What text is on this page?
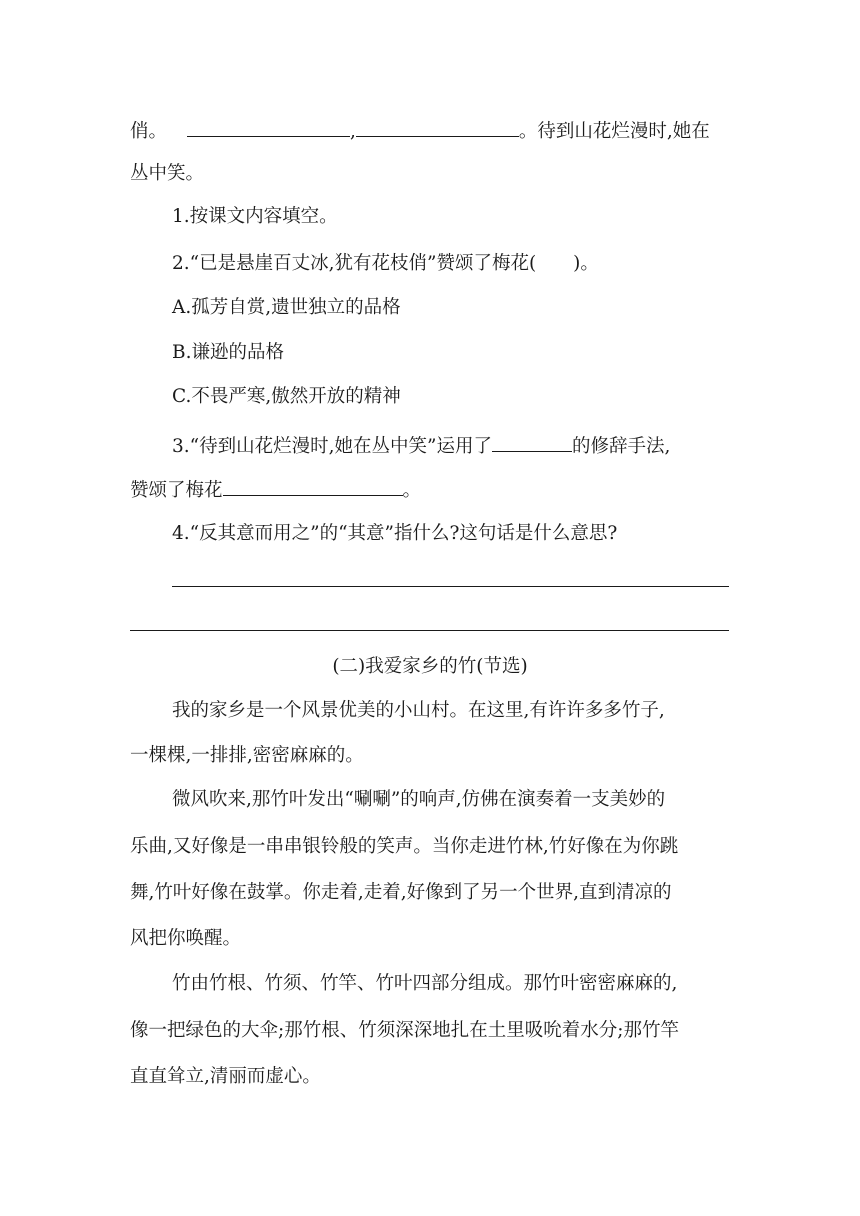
俏。	,	。待到山花烂漫时,她在
丛中笑。
1.按课文内容填空。
2.“已是悬崖百丈冰,犹有花枝俏”赞颂了梅花(　　)。
A.孤芳自赏,遗世独立的品格
B.谦逊的品格
C.不畏严寒,傲然开放的精神
3.“待到山花烂漫时,她在丛中笑”运用了	的修辞手法,
赞颂了梅花	。
4.“反其意而用之”的“其意”指什么?这句话是什么意思?
(二)我爱家乡的竹(节选)
我的家乡是一个风景优美的小山村。在这里,有许许多多竹子,
一棵棵,一排排,密密麻麻的。
微风吹来,那竹叶发出“唰唰”的响声,仿佛在演奏着一支美妙的
乐曲,又好像是一串串银铃般的笑声。当你走进竹林,竹好像在为你跳
舞,竹叶好像在鼓掌。你走着,走着,好像到了另一个世界,直到清凉的
风把你唤醒。
竹由竹根、竹须、竹竿、竹叶四部分组成。那竹叶密密麻麻的,
像一把绿色的大伞;那竹根、竹须深深地扎在土里吸吮着水分;那竹竿
直直耸立,清丽而虚心。
